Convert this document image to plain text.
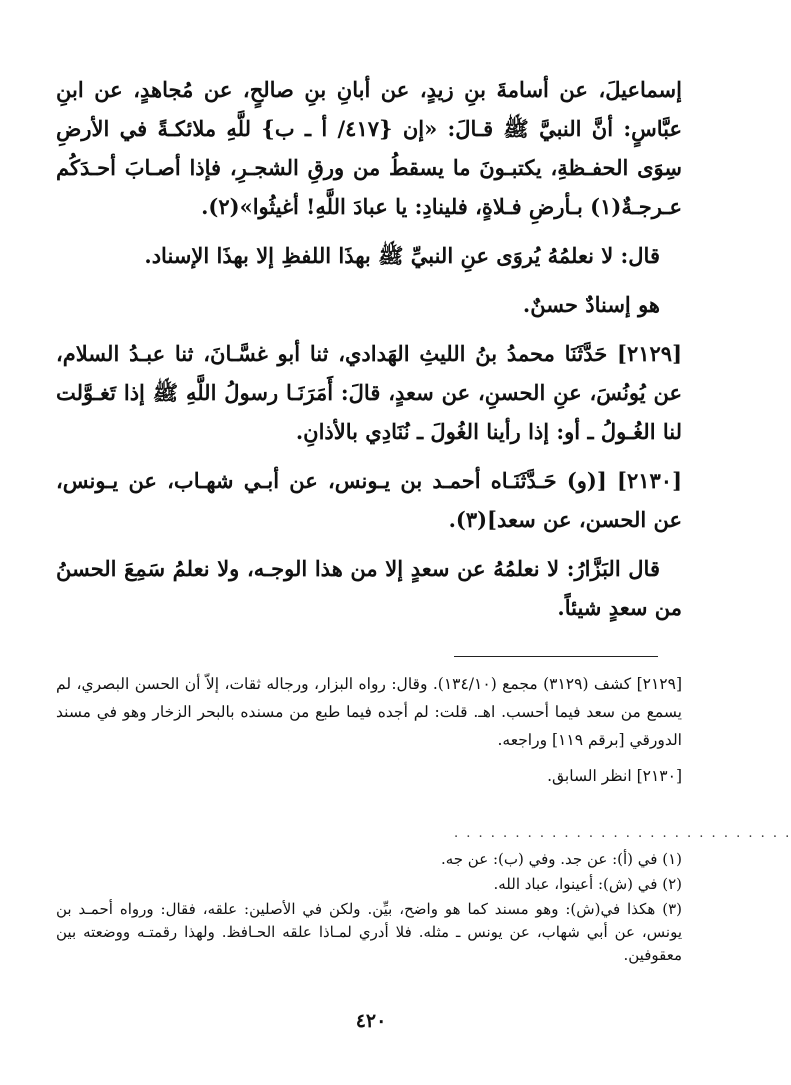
إسماعيلَ، عن أسامةَ بنِ زيدٍ، عن أبانِ بنِ صالحٍ، عن مُجاهدٍ، عن ابنِ عبَّاسٍ: أنَّ النبيَّ ﷺ قـالَ: «إن {٤١٧/ أ ـ ب} للَّهِ ملائكـةً في الأرضِ سِوَى الحفـظةِ، يكتبـونَ ما يسقطُ من ورقِ الشجـرِ، فإذا أصـابَ أحـدَكُم عـرجـةٌ(١) بـأرضِ فـلاةٍ، فلينادِ: يا عبادَ اللَّهِ! أغيثُوا»(٢).

قال: لا نعلمُهُ يُروَى عنِ النبيِّ ﷺ بهذَا اللفظِ إلا بهذَا الإسناد.

هو إسنادٌ حسنٌ.

[٢١٢٩] حَدَّثَنَا محمدُ بنُ الليثِ الهَدادي، ثنا أبو غسَّـانَ، ثنا عبـدُ السلام، عن يُونُسَ، عنِ الحسنِ، عن سعدٍ، قالَ: أَمَرَنَـا رسولُ اللَّهِ ﷺ إذا تَغـوَّلت لنا الغُـولُ ـ أو: إذا رأينا الغُولَ ـ نُنَادِي بالأذانِ.

[٢١٣٠] [(و) حَـدَّثَنَـاه أحمـد بن يـونس، عن أبـي شهـاب، عن يـونس، عن الحسن، عن سعد](٣).

قال البَزَّارُ: لا نعلمُهُ عن سعدٍ إلا من هذا الوجـه، ولا نعلمُ سَمِعَ الحسنُ من سعدٍ شيئاً.

[٢١٢٩] كشف (٣١٢٩) مجمع (١٣٤/١٠). وقال: رواه البزار، ورجاله ثقات، إلاّ أن الحسن البصري، لم يسمع من سعد فيما أحسب. اهـ. قلت: لم أجده فيما طبع من مسنده بالبحر الزخار وهو في مسند الدورقي [برقم ١١٩] وراجعه.

[٢١٣٠] انظر السابق.

. . . . . . . . . . . . . . . . . . . . . . . . . . . .

(١) في (أ): عن جد. وفي (ب): عن جه.

(٢) في (ش): أعينوا، عباد الله.

(٣) هكذا في(ش): وهو مسند كما هو واضح، بيِّن. ولكن في الأصلين: علقه، فقال: ورواه أحمـد بن يونس، عن أبي شهاب، عن يونس ـ مثله. فلا أدري لمـاذا علقه الحـافظ. ولهذا رقمتـه ووضعته بين معقوفين.

٤٢٠
